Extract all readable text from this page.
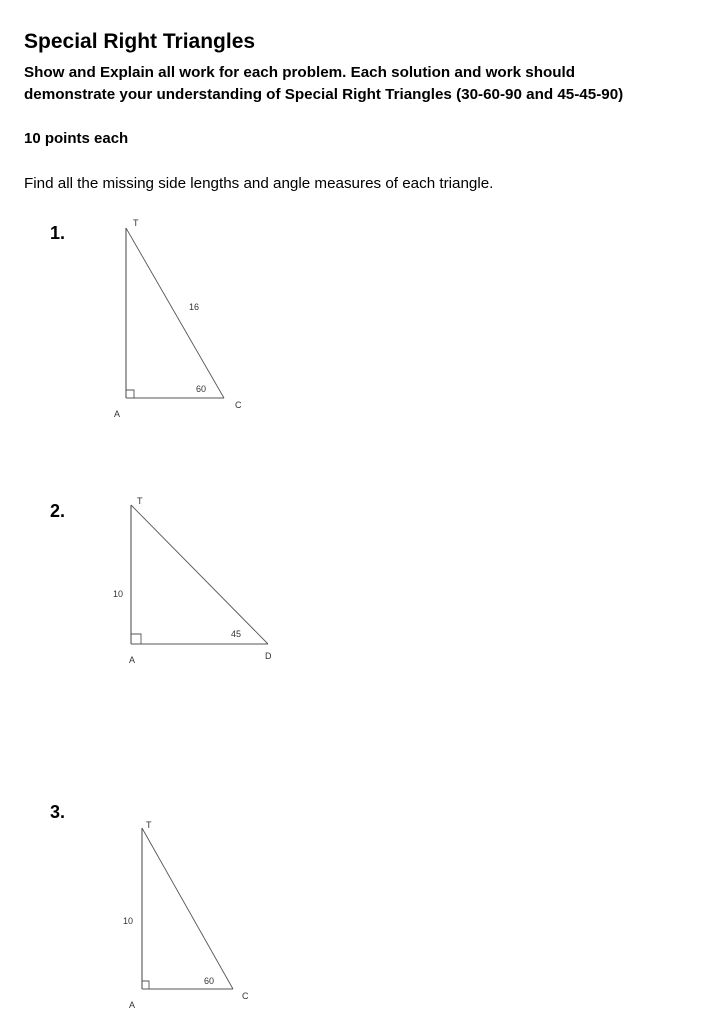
Special Right Triangles
Show and Explain all work for each problem. Each solution and work should
demonstrate your understanding of Special Right Triangles (30-60-90 and 45-45-90)
10 points each
Find all the missing side lengths and angle measures of each triangle.
1.	T
A
C
16
60
2.	T
A	D
10
45
3.
T
A
C
10
60
